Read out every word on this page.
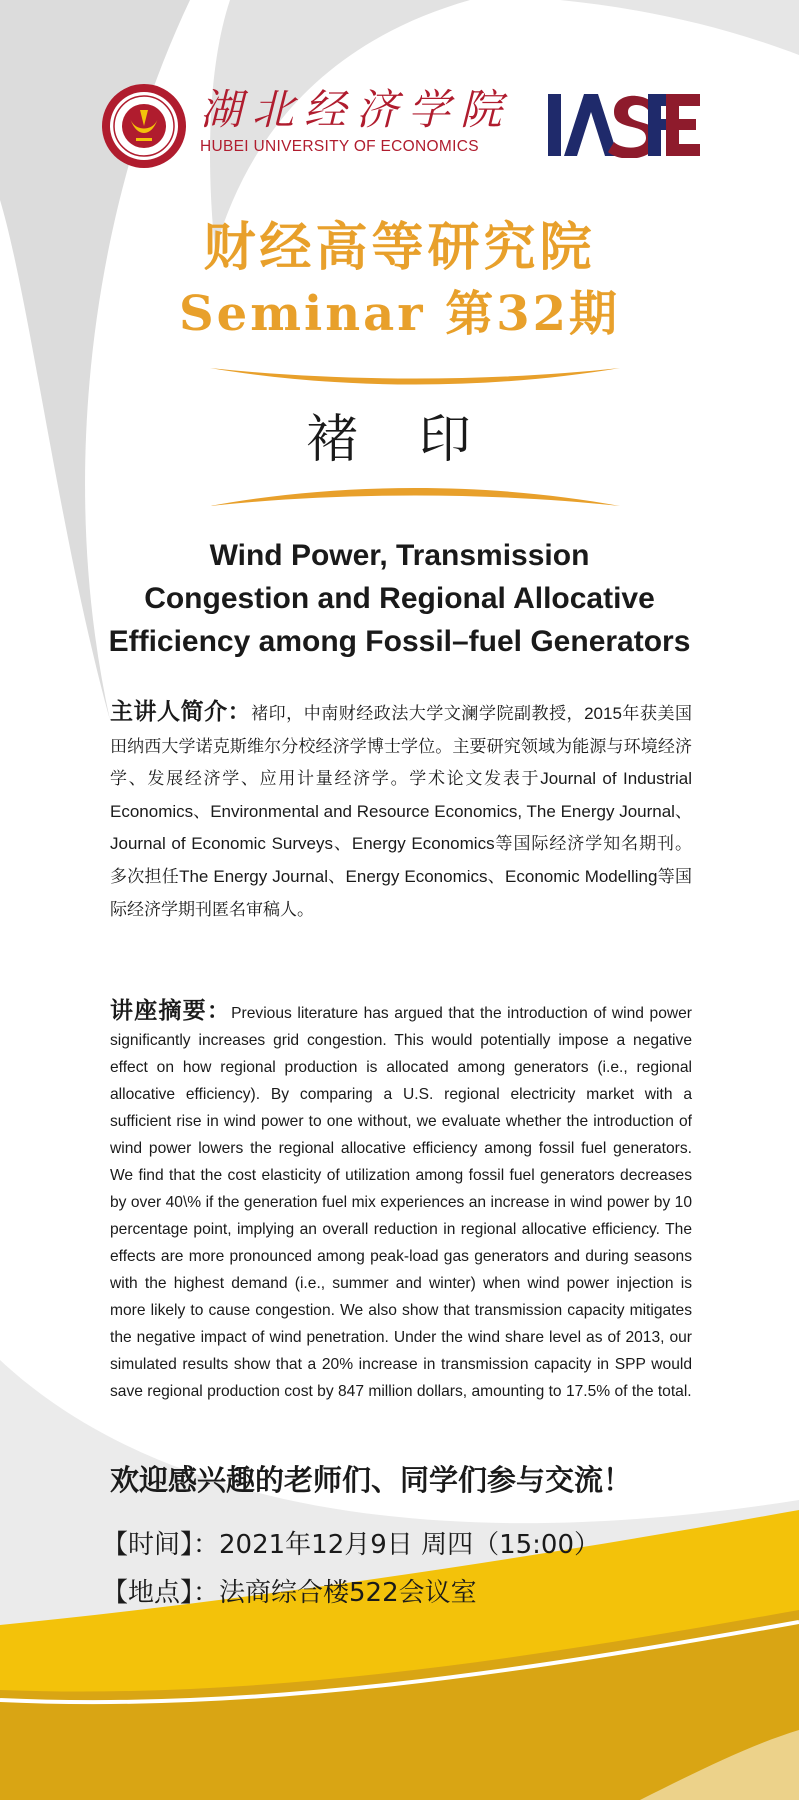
湖北经济学院
HUBEI UNIVERSITY OF ECONOMICS
财经高等研究院
Seminar 第32期
褚 印
Wind Power, Transmission
Congestion and Regional Allocative
Efficiency among Fossil–fuel Generators
主讲人简介：褚印，中南财经政法大学文澜学院副教授，2015年获美国田纳西大学诺克斯维尔分校经济学博士学位。主要研究领域为能源与环境经济学、发展经济学、应用计量经济学。学术论文发表于Journal of Industrial Economics、Environmental and Resource Economics, The Energy Journal、Journal of Economic Surveys、Energy Economics等国际经济学知名期刊。多次担任The Energy Journal、Energy Economics、Economic Modelling等国际经济学期刊匿名审稿人。
讲座摘要：Previous literature has argued that the introduction of wind power significantly increases grid congestion. This would potentially impose a negative effect on how regional production is allocated among generators (i.e., regional allocative efficiency). By comparing a U.S. regional electricity market with a sufficient rise in wind power to one without, we evaluate whether the introduction of wind power lowers the regional allocative efficiency among fossil fuel generators. We find that the cost elasticity of utilization among fossil fuel generators decreases by over 40\% if the generation fuel mix experiences an increase in wind power by 10 percentage point, implying an overall reduction in regional allocative efficiency. The effects are more pronounced among peak-load gas generators and during seasons with the highest demand (i.e., summer and winter) when wind power injection is more likely to cause congestion. We also show that transmission capacity mitigates the negative impact of wind penetration. Under the wind share level as of 2013, our simulated results show that a 20% increase in transmission capacity in SPP would save regional production cost by 847 million dollars, amounting to 17.5% of the total.
欢迎感兴趣的老师们、同学们参与交流！
【时间】：2021年12月9日 周四（15:00）
【地点】：法商综合楼522会议室
